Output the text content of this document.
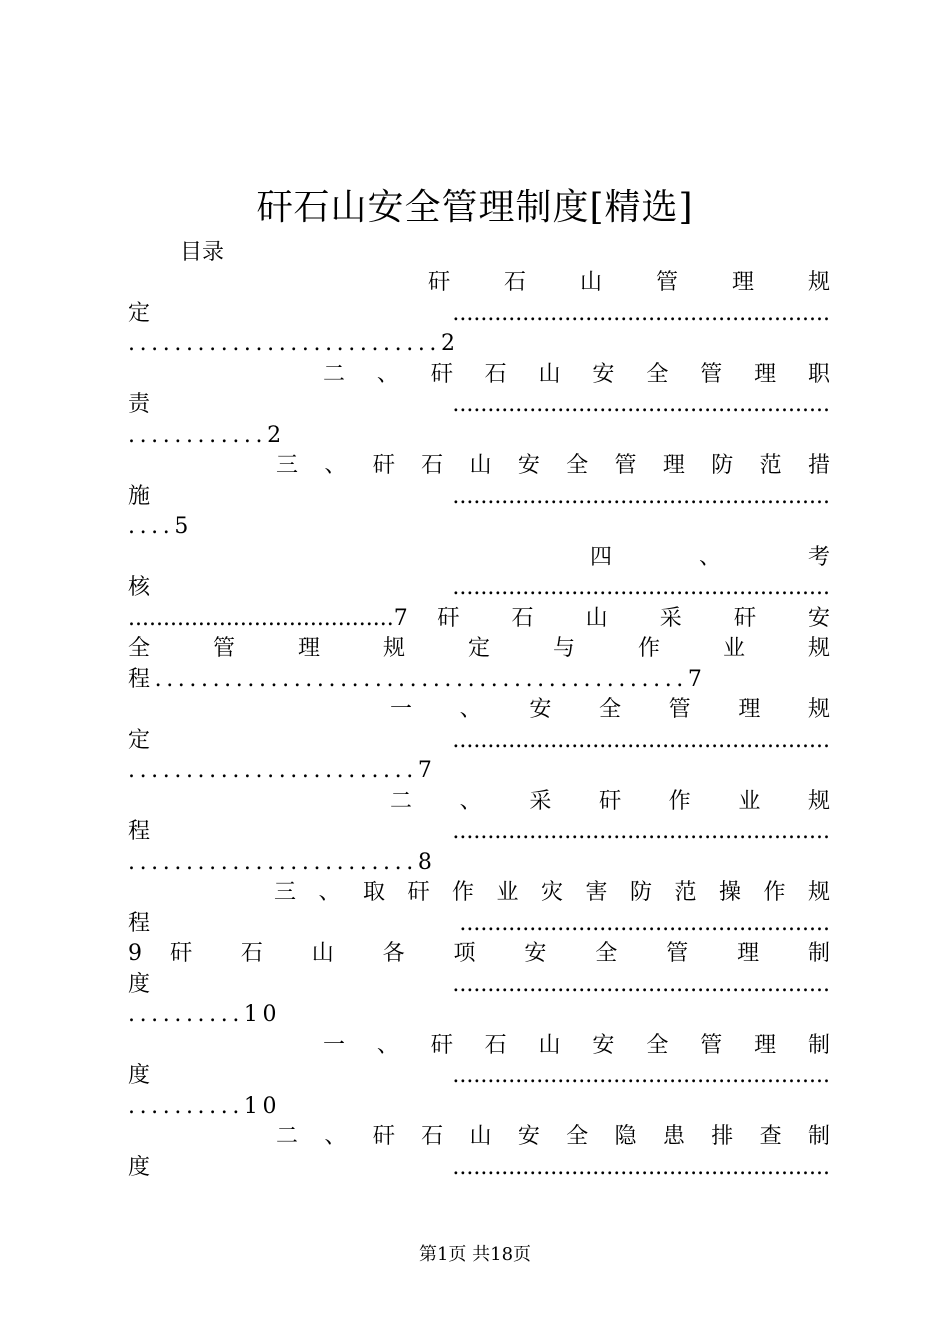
矸石山安全管理制度[精选]
目录
矸 石 山 管 理 规
定......................................................
...........................2
二 、 矸 石 山 安 全 管 理 职
责......................................................
............2
三 、 矸 石 山 安 全 管 理 防 范 措
施......................................................
....5
四 、 考
核......................................................
......................................7 矸 石 山 采 矸 安
全 管 理 规 定 与 作 业 规
程..............................................7
一 、 安 全 管 理 规
定......................................................
.........................7
二 、 采 矸 作 业 规
程......................................................
.........................8
三 、 取 矸 作 业 灾 害 防 范 操 作 规
程.....................................................
9 矸 石 山 各 项 安 全 管 理 制
度......................................................
..........10
一 、 矸 石 山 安 全 管 理 制
度......................................................
..........10
二 、 矸 石 山 安 全 隐 患 排 查 制
度......................................................
第1页 共18页
